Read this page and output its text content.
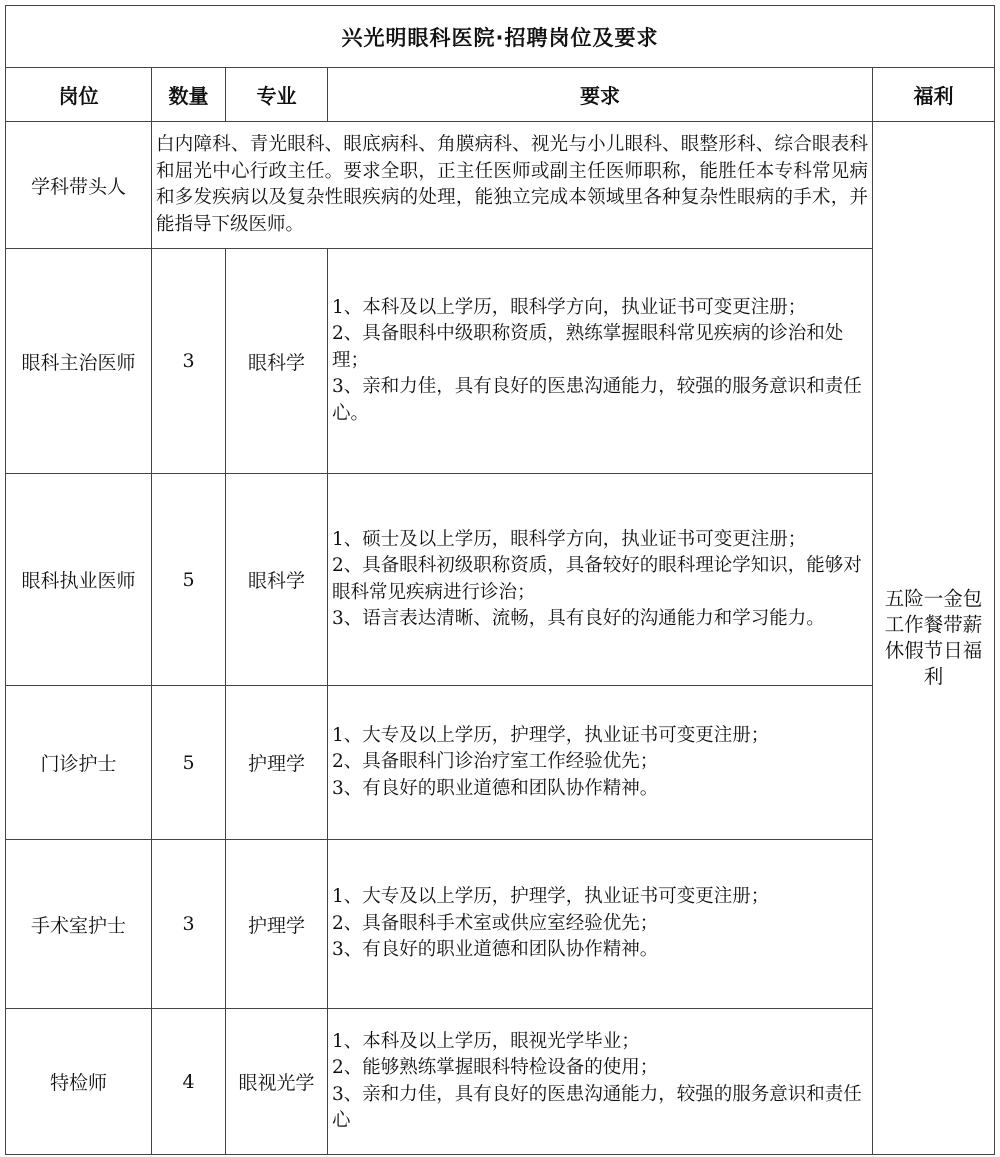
兴光明眼科医院·招聘岗位及要求				
岗位	数量	专业	要求	福利
学科带头人	白内障科、青光眼科、眼底病科、角膜病科、视光与小儿眼科、眼整形科、综合眼表科和屈光中心行政主任。要求全职，正主任医师或副主任医师职称，能胜任本专科常见病和多发疾病以及复杂性眼疾病的处理，能独立完成本领域里各种复杂性眼病的手术，并能指导下级医师。			五险一金包工作餐带薪休假节日福利
眼科主治医师	3	眼科学	1、本科及以上学历，眼科学方向，执业证书可变更注册；
2、具备眼科中级职称资质，熟练掌握眼科常见疾病的诊治和处理；
3、亲和力佳，具有良好的医患沟通能力，较强的服务意识和责任心。	

眼科执业医师	5	眼科学	1、硕士及以上学历，眼科学方向，执业证书可变更注册；
2、具备眼科初级职称资质，具备较好的眼科理论学知识，能够对眼科常见疾病进行诊治；
3、语言表达清晰、流畅，具有良好的沟通能力和学习能力。	

门诊护士	5	护理学	1、大专及以上学历，护理学，执业证书可变更注册；
2、具备眼科门诊治疗室工作经验优先；
3、有良好的职业道德和团队协作精神。	

手术室护士	3	护理学	1、大专及以上学历，护理学，执业证书可变更注册；
2、具备眼科手术室或供应室经验优先；
3、有良好的职业道德和团队协作精神。	

特检师	4	眼视光学	1、本科及以上学历，眼视光学毕业；
2、能够熟练掌握眼科特检设备的使用；
3、亲和力佳，具有良好的医患沟通能力，较强的服务意识和责任心	
